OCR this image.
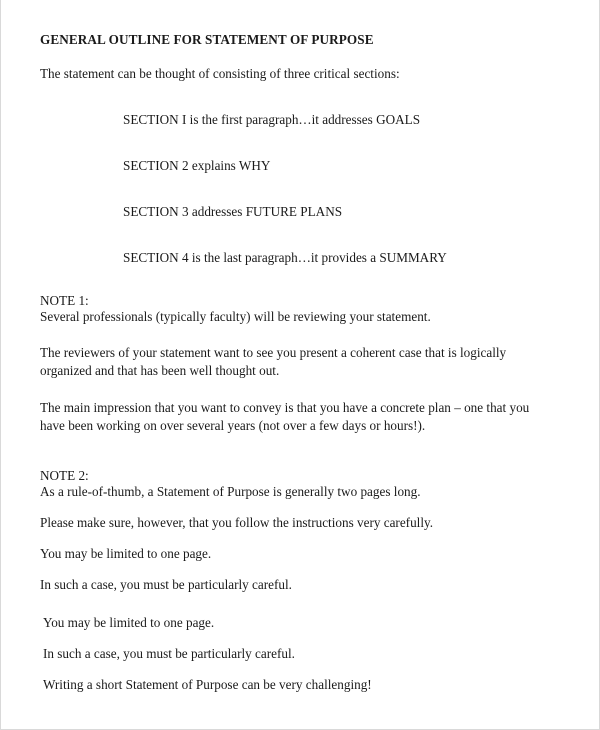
GENERAL OUTLINE FOR STATEMENT OF PURPOSE
The statement can be thought of consisting of three critical sections:
SECTION I is the first paragraph…it addresses GOALS
SECTION 2 explains WHY
SECTION 3 addresses FUTURE PLANS
SECTION 4 is the last paragraph…it provides a SUMMARY
NOTE 1:
Several professionals (typically faculty) will be reviewing your statement.
The reviewers of your statement want to see you present a coherent case that is logically
organized and that has been well thought out.
The main impression that you want to convey is that you have a concrete plan – one that you
have been working on over several years (not over a few days or hours!).
NOTE 2:
As a rule-of-thumb, a Statement of Purpose is generally two pages long.
Please make sure, however, that you follow the instructions very carefully.
You may be limited to one page.
In such a case, you must be particularly careful.
You may be limited to one page.
In such a case, you must be particularly careful.
Writing a short Statement of Purpose can be very challenging!
